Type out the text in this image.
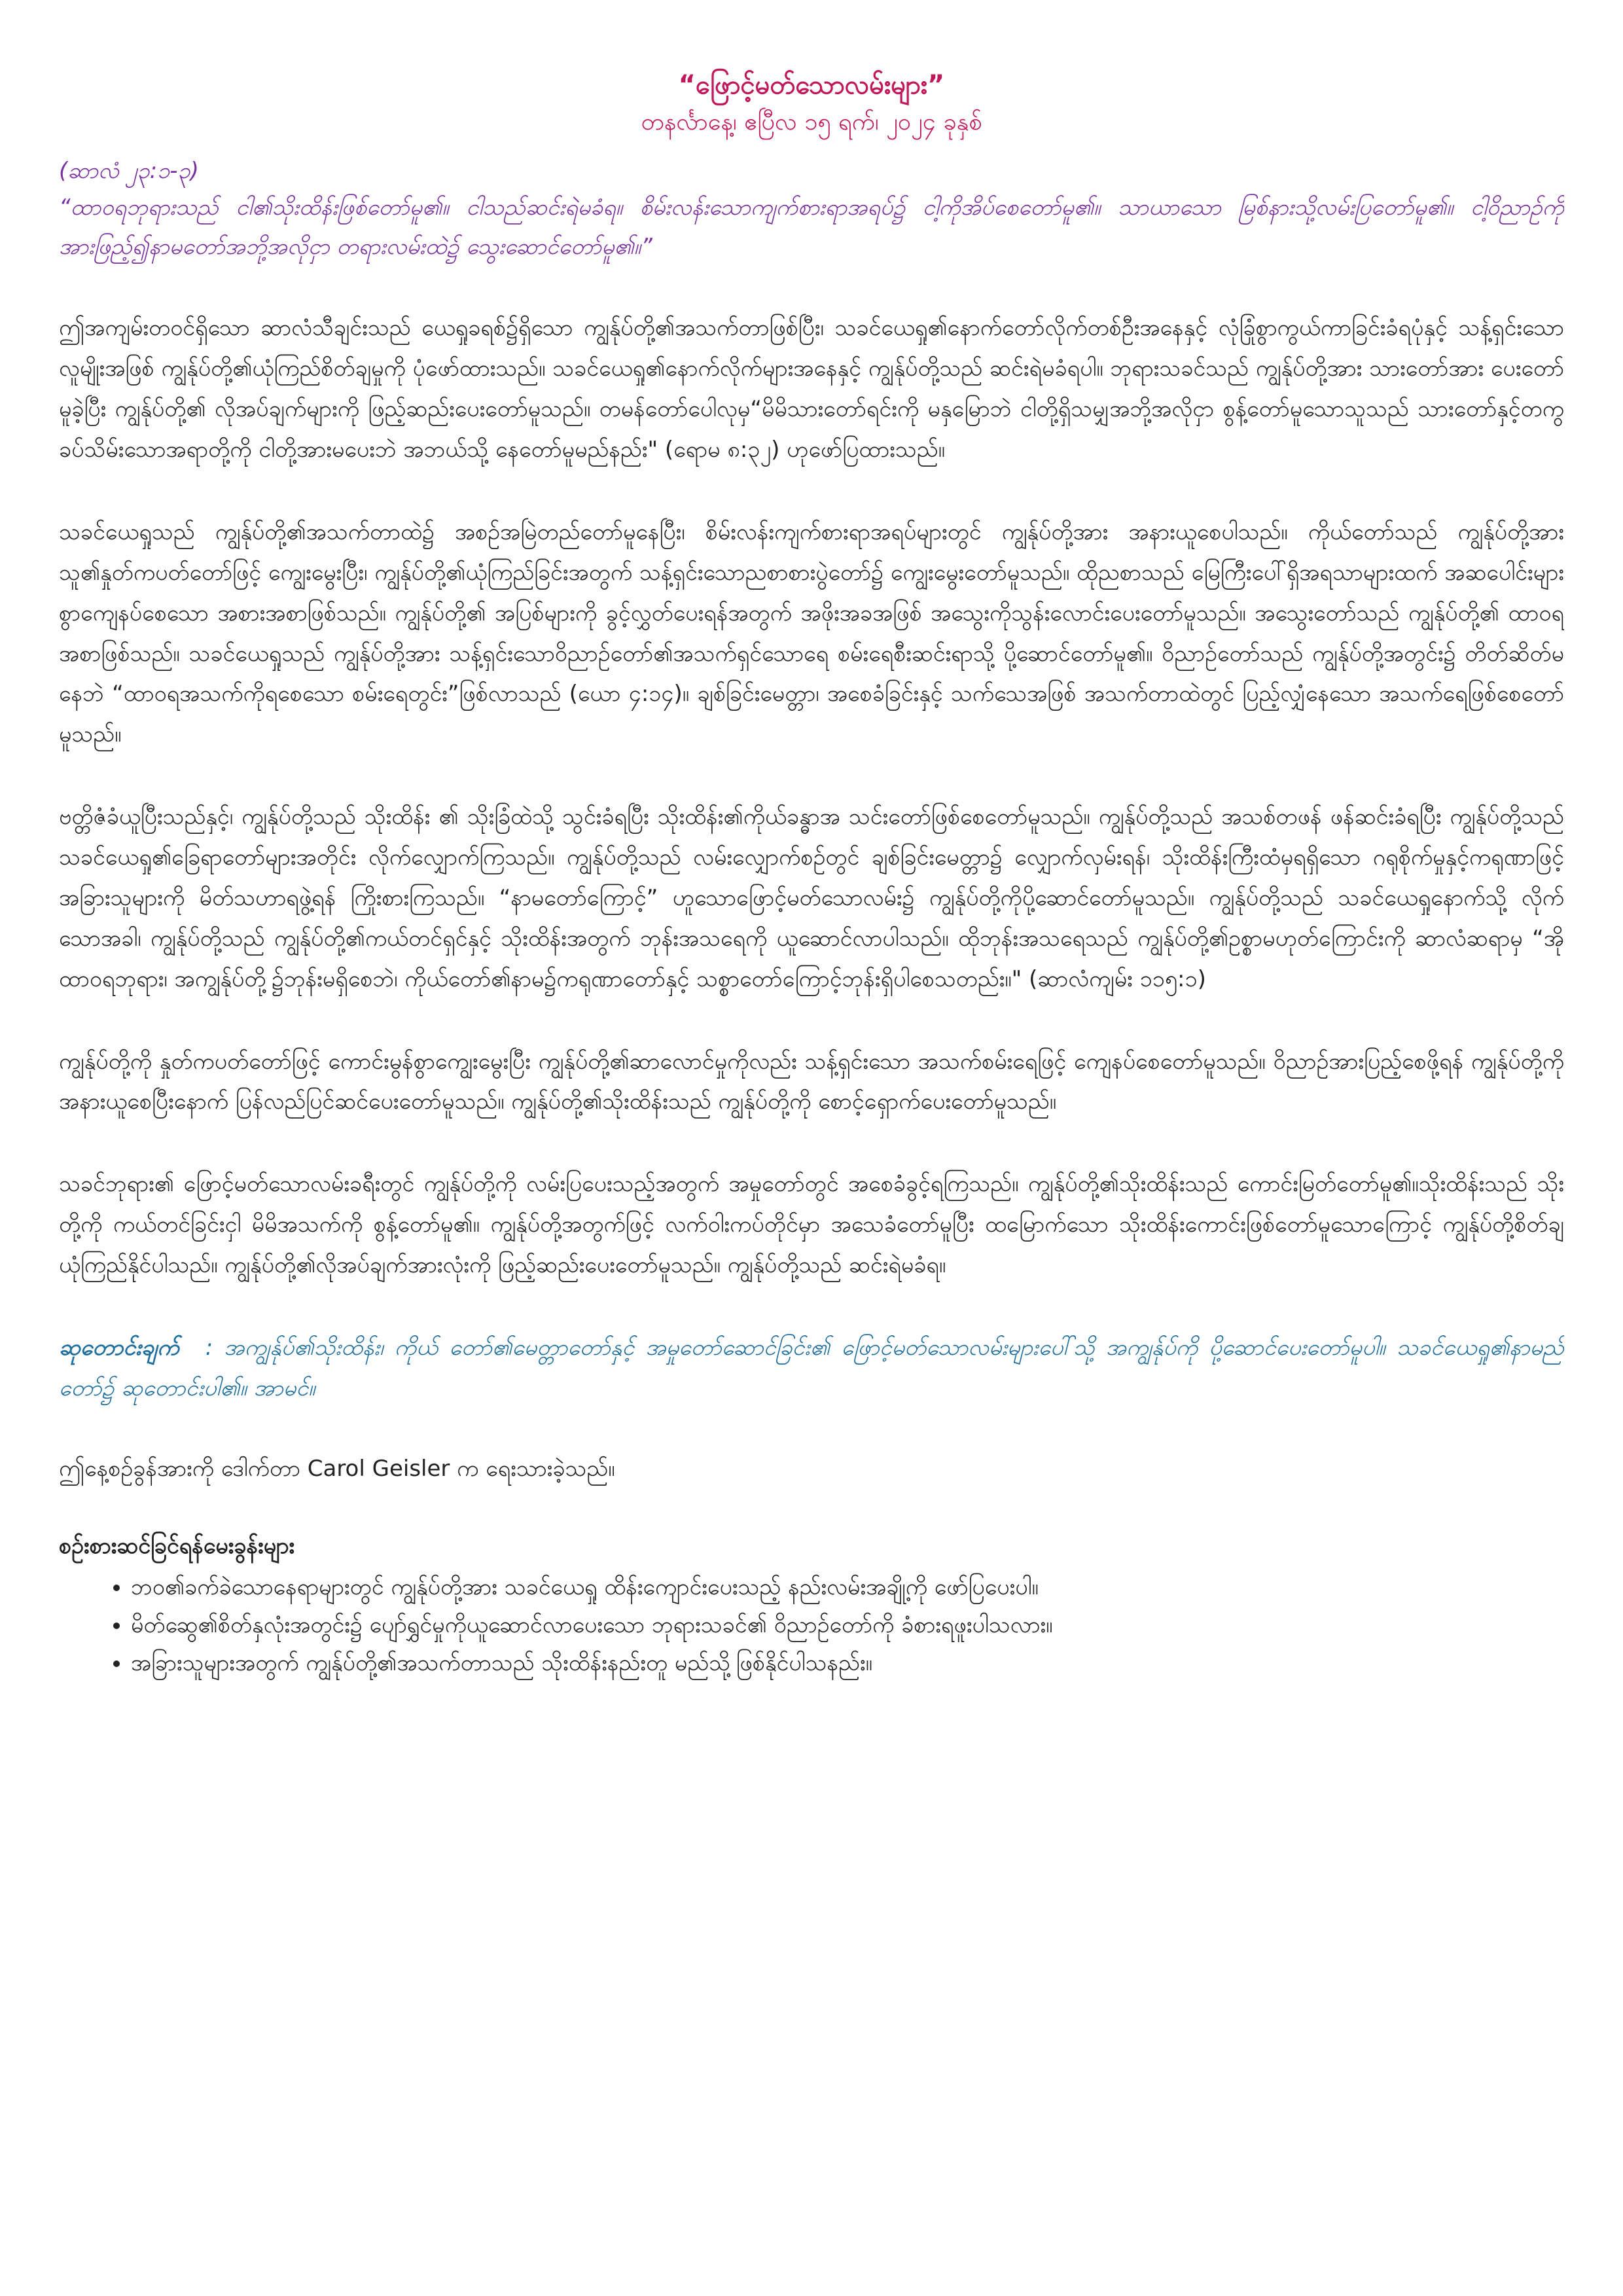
“ဖြောင့်မတ်သောလမ်းများ”
တနင်္လာနေ့၊ ဧပြီလ ၁၅ ရက်၊ ၂၀၂၄ ခုနှစ်
(ဆာလံ ၂၃:၁-၃)
“ထာဝရဘုရားသည် ငါ၏သိုးထိန်းဖြစ်တော်မူ၏။ ငါသည်ဆင်းရဲမခံရ။ စိမ်းလန်းသောကျက်စားရာအရပ်၌ ငါ့ကိုအိပ်စေတော်မူ၏။ သာယာသော မြစ်နားသို့လမ်းပြတော်မူ၏။ ငါ့ဝိညာဉ်ကို အားဖြည့်၍နာမတော်အဘို့အလိုငှာ တရားလမ်းထဲ၌ သွေးဆောင်တော်မူ၏။”
ဤအကျမ်းတဝင်ရှိသော ဆာလံသီချင်းသည် ယေရှုခရစ်၌ရှိသော ကျွန်ုပ်တို့၏အသက်တာဖြစ်ပြီး၊ သခင်ယေရှု၏နောက်တော်လိုက်တစ်ဦးအနေနှင့် လုံခြုံစွာကွယ်ကာခြင်းခံရပုံနှင့် သန့်ရှင်းသောလူမျိုးအဖြစ် ကျွန်ုပ်တို့၏ယုံကြည်စိတ်ချမှုကို ပုံဖော်ထားသည်။ သခင်ယေရှု၏နောက်လိုက်များအနေနှင့် ကျွန်ုပ်တို့သည် ဆင်းရဲမခံရပါ။ ဘုရားသခင်သည် ကျွန်ုပ်တို့အား သားတော်အား ပေးတော်မူခဲ့ပြီး ကျွန်ုပ်တို့၏ လိုအပ်ချက်များကို ဖြည့်ဆည်းပေးတော်မူသည်။ တမန်တော်ပေါလုမှ“မိမိသားတော်ရင်းကို မနှမြောဘဲ ငါတို့ရှိသမျှအဘို့အလိုငှာ စွန့်တော်မူသောသူသည် သားတော်နှင့်တကွခပ်သိမ်းသောအရာတို့ကို ငါတို့အားမပေးဘဲ အဘယ်သို့ နေတော်မူမည်နည်း" (ရောမ ၈:၃၂) ဟုဖော်ပြထားသည်။
သခင်ယေရှုသည် ကျွန်ုပ်တို့၏အသက်တာထဲ၌ အစဉ်အမြဲတည်တော်မူနေပြီး၊ စိမ်းလန်းကျက်စားရာအရပ်များတွင် ကျွန်ုပ်တို့အား အနားယူစေပါသည်။ ကိုယ်တော်သည် ကျွန်ုပ်တို့အား သူ၏နှုတ်ကပတ်တော်ဖြင့် ကျွေးမွေးပြီး၊ ကျွန်ုပ်တို့၏ယုံကြည်ခြင်းအတွက် သန့်ရှင်းသောညစာစားပွဲတော်၌ ကျွေးမွေးတော်မူသည်။ ထိုညစာသည် မြေကြီးပေါ်ရှိအရသာများထက် အဆပေါင်းများစွာကျေနပ်စေသော အစားအစာဖြစ်သည်။ ကျွန်ုပ်တို့၏ အပြစ်များကို ခွင့်လွှတ်ပေးရန်အတွက် အဖိုးအခအဖြစ် အသွေးကိုသွန်းလောင်းပေးတော်မူသည်။ အသွေးတော်သည် ကျွန်ုပ်တို့၏ ထာဝရအစာဖြစ်သည်။ သခင်ယေရှုသည် ကျွန်ုပ်တို့အား သန့်ရှင်းသောဝိညာဉ်တော်၏အသက်ရှင်သောရေ စမ်းရေစီးဆင်းရာသို့ ပို့ဆောင်တော်မူ၏။ ဝိညာဉ်တော်သည် ကျွန်ုပ်တို့အတွင်း၌ တိတ်ဆိတ်မနေဘဲ “ထာဝရအသက်ကိုရစေသော စမ်းရေတွင်း”ဖြစ်လာသည် (ယော ၄:၁၄)။ ချစ်ခြင်းမေတ္တာ၊ အစေခံခြင်းနှင့် သက်သေအဖြစ် အသက်တာထဲတွင် ပြည့်လျှံနေသော အသက်ရေဖြစ်စေတော်မူသည်။
ဗတ္တိဇံခံယူပြီးသည်နှင့်၊ ကျွန်ုပ်တို့သည် သိုးထိန်း ၏ သိုးခြံထဲသို့ သွင်းခံရပြီး သိုးထိန်း၏ကိုယ်ခန္ဓာအ သင်းတော်ဖြစ်စေတော်မူသည်။ ကျွန်ုပ်တို့သည် အသစ်တဖန် ဖန်ဆင်းခံရပြီး ကျွန်ုပ်တို့သည် သခင်ယေရှု၏ခြေရာတော်များအတိုင်း လိုက်လျှောက်ကြသည်။ ကျွန်ုပ်တို့သည် လမ်းလျှောက်စဉ်တွင် ချစ်ခြင်းမေတ္တာ၌ လျှောက်လှမ်းရန်၊ သိုးထိန်းကြီးထံမှရရှိသော ဂရုစိုက်မှုနှင့်ကရုဏာဖြင့် အခြားသူများကို မိတ်သဟာရဖွဲ့ရန် ကြိုးစားကြသည်။ “နာမတော်ကြောင့်” ဟူသောဖြောင့်မတ်သောလမ်း၌ ကျွန်ုပ်တို့ကိုပို့ဆောင်တော်မူသည်။ ကျွန်ုပ်တို့သည် သခင်ယေရှုနောက်သို့ လိုက်သောအခါ၊ ကျွန်ုပ်တို့သည် ကျွန်ုပ်တို့၏ကယ်တင်ရှင်နှင့် သိုးထိန်းအတွက် ဘုန်းအသရေကို ယူဆောင်လာပါသည်။ ထိုဘုန်းအသရေသည် ကျွန်ုပ်တို့၏ဥစ္စာမဟုတ်ကြောင်းကို ဆာလံဆရာမှ “အိုထာဝရဘုရား၊ အကျွန်ုပ်တို့၌ဘုန်းမရှိစေဘဲ၊ ကိုယ်တော်၏နာမ၌ကရုဏာတော်နှင့် သစ္စာတော်ကြောင့်ဘုန်းရှိပါစေသတည်း။" (ဆာလံကျမ်း ၁၁၅:၁)
ကျွန်ုပ်တို့ကို နှုတ်ကပတ်တော်ဖြင့် ကောင်းမွန်စွာကျွေးမွေးပြီး ကျွန်ုပ်တို့၏ဆာလောင်မှုကိုလည်း သန့်ရှင်းသော အသက်စမ်းရေဖြင့် ကျေနပ်စေတော်မူသည်။ ဝိညာဉ်အားပြည့်စေဖို့ရန် ကျွန်ုပ်တို့ကိုအနားယူစေပြီးနောက် ပြန်လည်ပြင်ဆင်ပေးတော်မူသည်။ ကျွန်ုပ်တို့၏သိုးထိန်းသည် ကျွန်ုပ်တို့ကို စောင့်ရှောက်ပေးတော်မူသည်။
သခင်ဘုရား၏ ဖြောင့်မတ်သောလမ်းခရီးတွင် ကျွန်ုပ်တို့ကို လမ်းပြပေးသည့်အတွက် အမှုတော်တွင် အစေခံခွင့်ရကြသည်။ ကျွန်ုပ်တို့၏သိုးထိန်းသည် ကောင်းမြတ်တော်မူ၏။သိုးထိန်းသည် သိုးတို့ကို ကယ်တင်ခြင်းငှါ မိမိအသက်ကို စွန့်တော်မူ၏။ ကျွန်ုပ်တို့အတွက်ဖြင့် လက်ဝါးကပ်တိုင်မှာ အသေခံတော်မူပြီး ထမြောက်သော သိုးထိန်းကောင်းဖြစ်တော်မူသောကြောင့် ကျွန်ုပ်တို့စိတ်ချယုံကြည်နိုင်ပါသည်။ ကျွန်ုပ်တို့၏လိုအပ်ချက်အားလုံးကို ဖြည့်ဆည်းပေးတော်မူသည်။ ကျွန်ုပ်တို့သည် ဆင်းရဲမခံရ။
ဆုတောင်းချက် : အကျွန်ုပ်၏သိုးထိန်း၊ ကိုယ် တော်၏မေတ္တာတော်နှင့် အမှုတော်ဆောင်ခြင်း၏ ဖြောင့်မတ်သောလမ်းများပေါ်သို့ အကျွန်ုပ်ကို ပို့ဆောင်ပေးတော်မူပါ။ သခင်ယေရှု၏နာမည်တော်၌ ဆုတောင်းပါ၏။ အာမင်။
ဤနေ့စဉ်ခွန်အားကို ဒေါက်တာ Carol Geisler က ရေးသားခဲ့သည်။
စဉ်းစားဆင်ခြင်ရန်မေးခွန်းများ
• ဘဝ၏ခက်ခဲသောနေရာများတွင် ကျွန်ုပ်တို့အား သခင်ယေရှု ထိန်းကျောင်းပေးသည့် နည်းလမ်းအချို့ကို ဖော်ပြပေးပါ။
• မိတ်ဆွေ၏စိတ်နှလုံးအတွင်း၌ ပျော်ရွှင်မှုကိုယူဆောင်လာပေးသော ဘုရားသခင်၏ ဝိညာဉ်တော်ကို ခံစားရဖူးပါသလား။
• အခြားသူများအတွက် ကျွန်ုပ်တို့၏အသက်တာသည် သိုးထိန်းနည်းတူ မည်သို့ဖြစ်နိုင်ပါသနည်း။
